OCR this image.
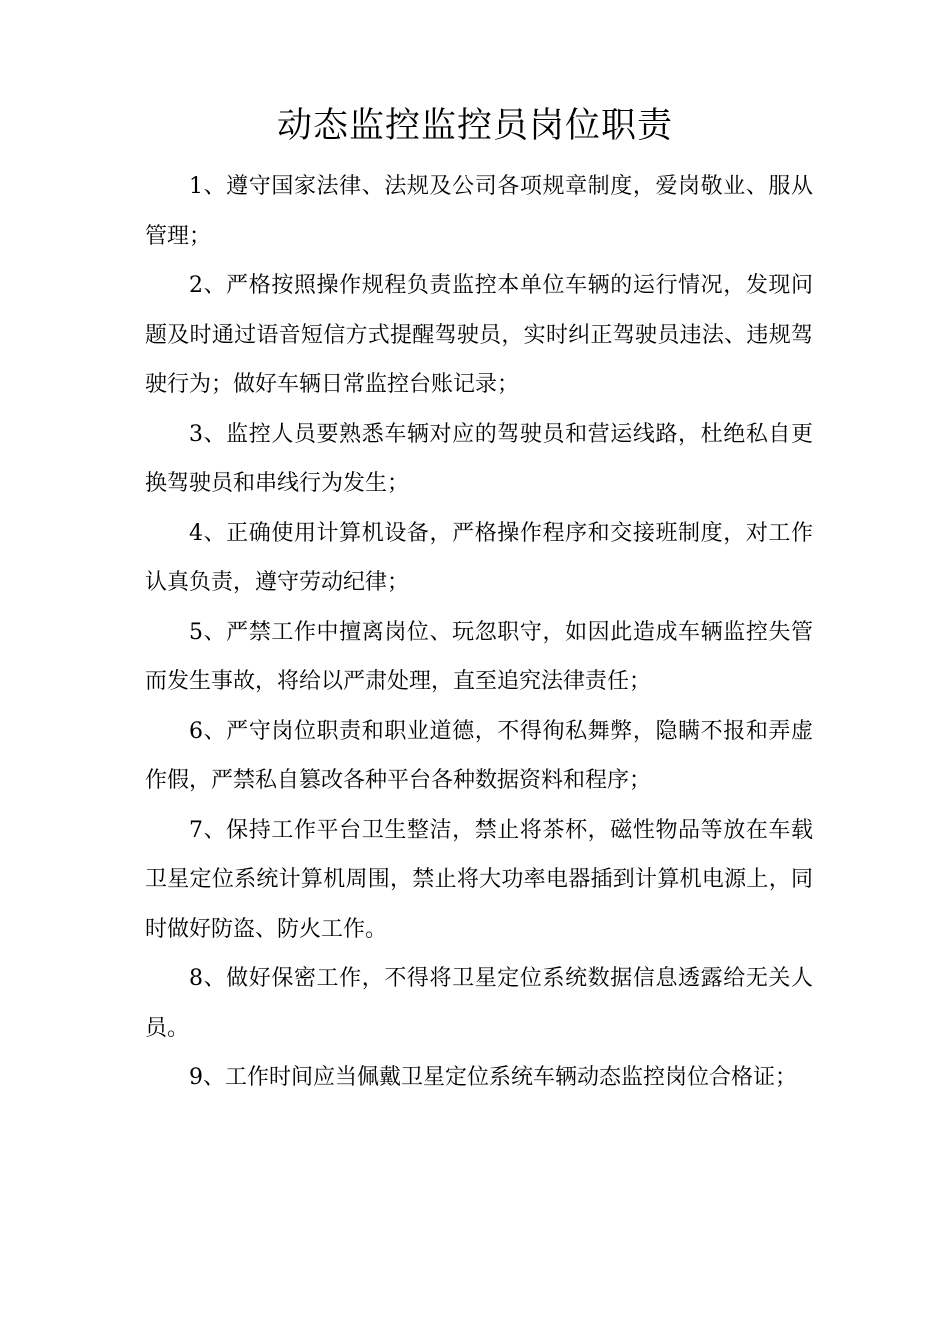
动态监控监控员岗位职责

1、遵守国家法律、法规及公司各项规章制度，爱岗敬业、服从管理；

2、严格按照操作规程负责监控本单位车辆的运行情况，发现问题及时通过语音短信方式提醒驾驶员，实时纠正驾驶员违法、违规驾驶行为；做好车辆日常监控台账记录；

3、监控人员要熟悉车辆对应的驾驶员和营运线路，杜绝私自更换驾驶员和串线行为发生；

4、正确使用计算机设备，严格操作程序和交接班制度，对工作认真负责，遵守劳动纪律；

5、严禁工作中擅离岗位、玩忽职守，如因此造成车辆监控失管而发生事故，将给以严肃处理，直至追究法律责任；

6、严守岗位职责和职业道德，不得徇私舞弊，隐瞒不报和弄虚作假，严禁私自篡改各种平台各种数据资料和程序；

7、保持工作平台卫生整洁，禁止将茶杯，磁性物品等放在车载卫星定位系统计算机周围，禁止将大功率电器插到计算机电源上，同时做好防盗、防火工作。

8、做好保密工作，不得将卫星定位系统数据信息透露给无关人员。

9、工作时间应当佩戴卫星定位系统车辆动态监控岗位合格证；
